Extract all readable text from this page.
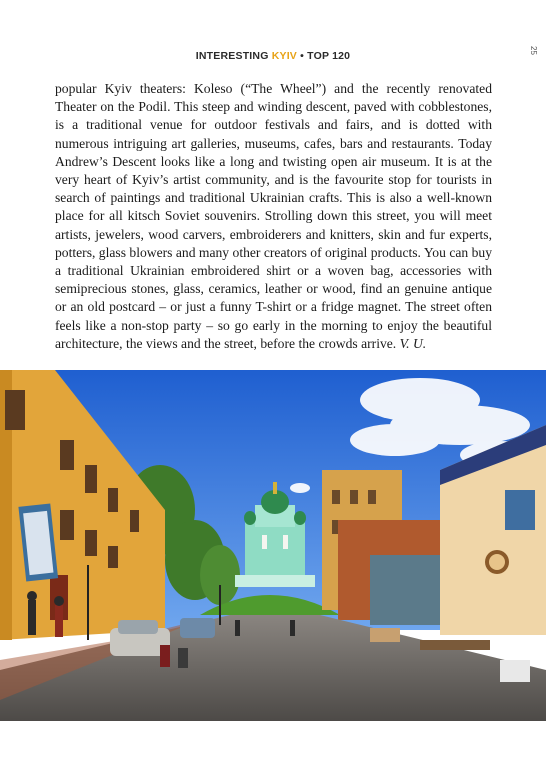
INTERESTING KYIV • TOP 120	25
popular Kyiv theaters: Koleso (“The Wheel”) and the recently renovated Theater on the Podil. This steep and winding descent, paved with cobblestones, is a traditional venue for outdoor festivals and fairs, and is dotted with numerous intriguing art galleries, museums, cafes, bars and restaurants. Today Andrew’s Descent looks like a long and twisting open air museum. It is at the very heart of Kyiv’s artist community, and is the favourite stop for tourists in search of paintings and traditional Ukrainian crafts. This is also a well-known place for all kitsch Soviet souvenirs. Strolling down this street, you will meet artists, jewelers, wood carvers, embroiderers and knitters, skin and fur experts, potters, glass blowers and many other creators of original products. You can buy a traditional Ukrainian embroidered shirt or a woven bag, accessories with semiprecious stones, glass, ceramics, leather or wood, find an genuine antique or an old postcard – or just a funny T-shirt or a fridge magnet. The street often feels like a non-stop party – so go early in the morning to enjoy the beautiful architecture, the views and the street, before the crowds arrive. V. U.
